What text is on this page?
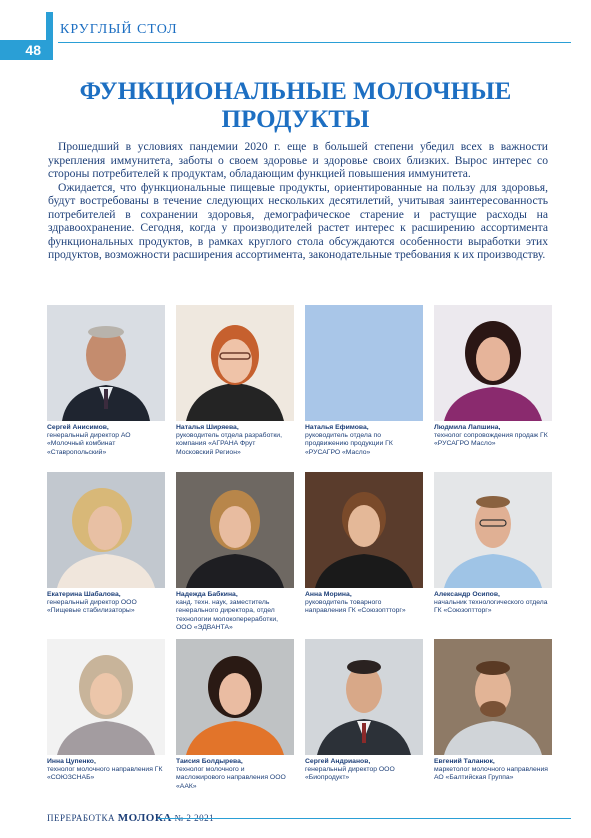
48
КРУГЛЫЙ СТОЛ
ФУНКЦИОНАЛЬНЫЕ МОЛОЧНЫЕ
ПРОДУКТЫ

Прошедший в условиях пандемии 2020 г. еще в большей степени убедил всех в важности укрепления иммунитета, заботы о своем здоровье и здоровье своих близких. Вырос интерес со стороны потребителей к продуктам, обладающим функцией повышения иммунитета.

Ожидается, что функциональные пищевые продукты, ориентированные на пользу для здоровья, будут востребованы в течение следующих нескольких десятилетий, учитывая заинтересованность потребителей в сохранении здоровья, демографическое старение и растущие расходы на здравоохранение. Сегодня, когда у производителей растет интерес к расширению ассортимента функциональных продуктов, в рамках круглого стола обсуждаются особенности выработки этих продуктов, возможности расширения ассортимента, законодательные требования к их производству.

Сергей Анисимов,
генеральный директор АО «Молочный комбинат «Ставропольский»
Наталья Ширяева,
руководитель отдела разработки, компания «АГРАНА Фрут Московский Регион»
Наталья Ефимова,
руководитель отдела по продвижению продукции ГК «РУСАГРО «Масло»
Людмила Лапшина,
технолог сопровождения продаж ГК «РУСАГРО Масло»
Екатерина Шабалова,
генеральный директор ООО «Пищевые стабилизаторы»
Надежда Бабкина,
канд. техн. наук, заместитель генерального директора, отдел технологии молокопереработки, ООО «ЭДВАНТА»
Анна Морина,
руководитель товарного направления ГК «Союзоптторг»
Александр Осипов,
начальник технологического отдела ГК «Союзоптторг»
Инна Цупенко,
технолог молочного направления ГК «СОЮЗСНАБ»
Таисия Болдырева,
технолог молочного и масложирового направления ООО «ААК»
Сергей Андрианов,
генеральный директор ООО «Биопродукт»
Евгений Таланюк,
маркетолог молочного направления АО «Балтийская Группа»
ПЕРЕРАБОТКА МОЛОКА № 2 2021
